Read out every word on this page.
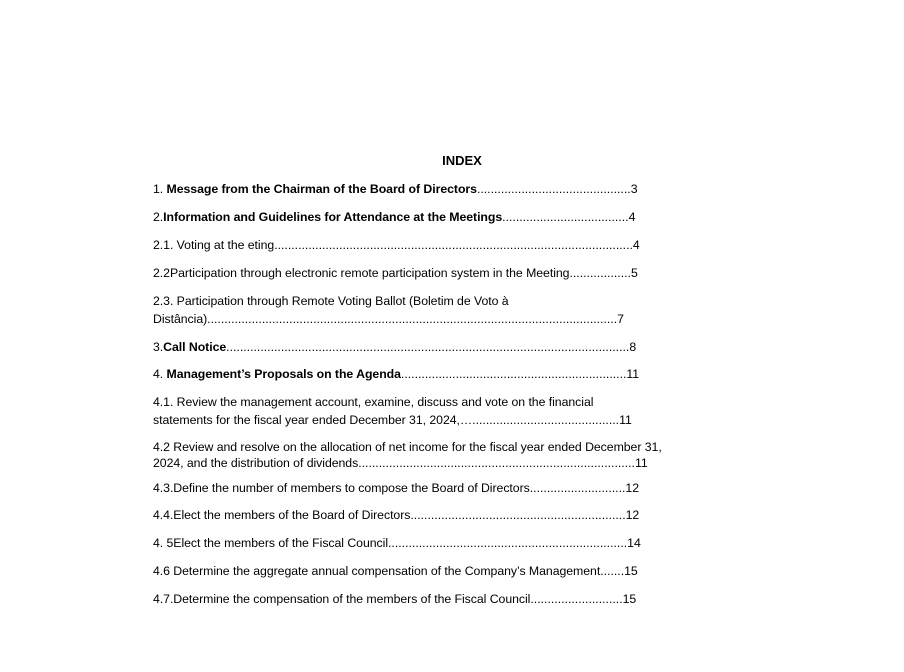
INDEX
1. Message from the Chairman of the Board of Directors.............................................3
2.Information and Guidelines for Attendance at the Meetings.....................................4
2.1. Voting at the eting.........................................................................................................4
2.2Participation through electronic remote participation system in the Meeting..................5
2.3. Participation through Remote Voting Ballot (Boletim de Voto à
Distância)........................................................................................................................7
3.Call Notice......................................................................................................................8
4. Management’s Proposals on the Agenda..................................................................11
4.1. Review the management account, examine, discuss and vote on the financial
statements for the fiscal year ended December 31, 2024,…...........................................11
4.2 Review and resolve on the allocation of net income for the fiscal year ended December 31,
2024, and the distribution of dividends.................................................................................11
4.3.Define the number of members to compose the Board of Directors............................12
4.4.Elect the members of the Board of Directors...............................................................12
4. 5Elect the members of the Fiscal Council......................................................................14
4.6 Determine the aggregate annual compensation of the Company’s Management.......15
4.7.Determine the compensation of the members of the Fiscal Council...........................15
